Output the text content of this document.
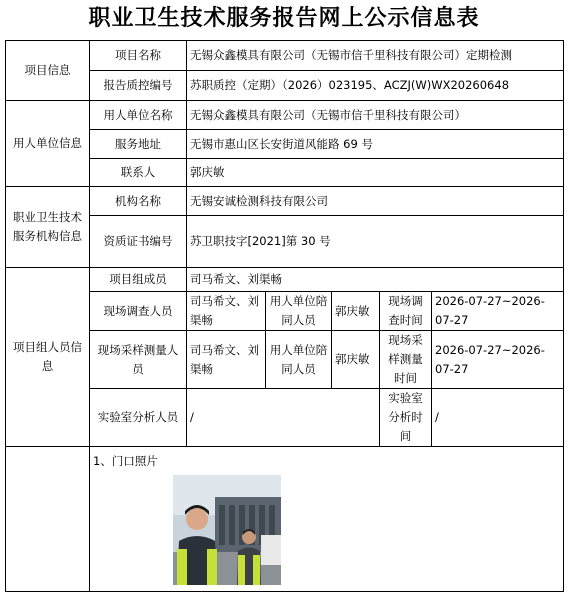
职业卫生技术服务报告网上公示信息表
项目信息	项目名称	无锡众鑫模具有限公司（无锡市信千里科技有限公司）定期检测				
	报告质控编号	苏职质控（定期）（2026）023195、ACZJ(W)WX20260648				
用人单位信息	用人单位名称	无锡众鑫模具有限公司（无锡市信千里科技有限公司）				
	服务地址	无锡市惠山区长安街道风能路 69 号				
	联系人	郭庆敏				
职业卫生技术服务机构信息	机构名称	无锡安诚检测科技有限公司				
	资质证书编号	苏卫职技字[2021]第 30 号				
项目组人员信息	项目组成员	司马希文、刘渠畅				
	现场调查人员	司马希文、刘渠畅	用人单位陪同人员	郭庆敏	现场调查时间	2026-07-27~2026-07-27
	现场采样测量人员	司马希文、刘渠畅	用人单位陪同人员	郭庆敏	现场采样测量时间	2026-07-27~2026-07-27
	实验室分析人员	/			实验室分析时间	/

	1、门口照片					
